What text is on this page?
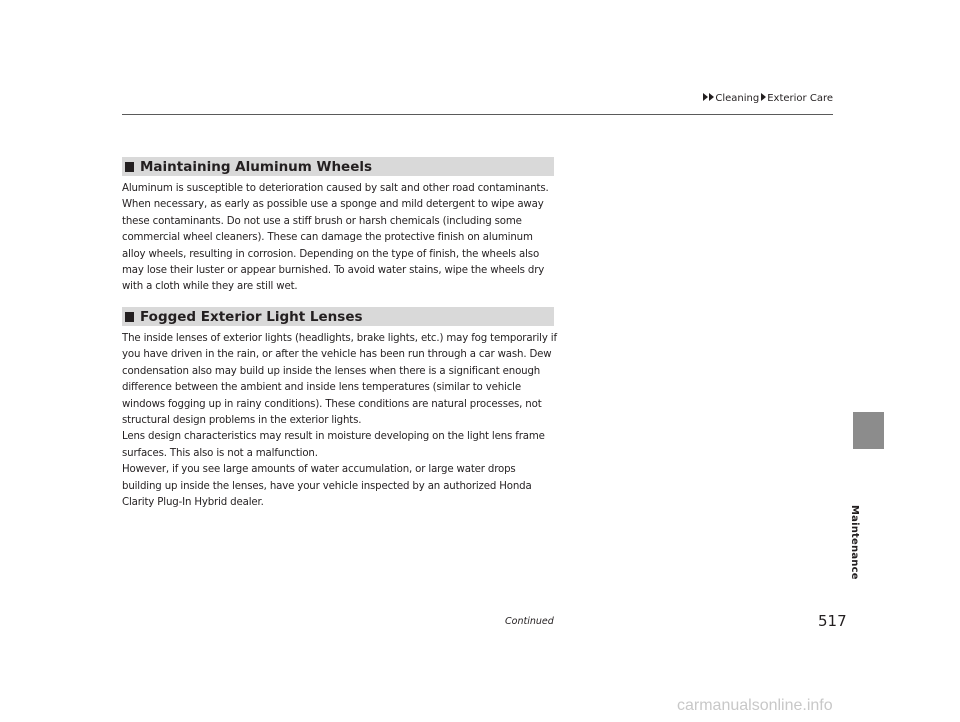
Cleaning Exterior Care
Maintaining Aluminum Wheels

Aluminum is susceptible to deterioration caused by salt and other road contaminants. When necessary, as early as possible use a sponge and mild detergent to wipe away these contaminants. Do not use a stiff brush or harsh chemicals (including some commercial wheel cleaners). These can damage the protective finish on aluminum alloy wheels, resulting in corrosion. Depending on the type of finish, the wheels also may lose their luster or appear burnished. To avoid water stains, wipe the wheels dry with a cloth while they are still wet.

Fogged Exterior Light Lenses

The inside lenses of exterior lights (headlights, brake lights, etc.) may fog temporarily if you have driven in the rain, or after the vehicle has been run through a car wash. Dew condensation also may build up inside the lenses when there is a significant enough difference between the ambient and inside lens temperatures (similar to vehicle windows fogging up in rainy conditions). These conditions are natural processes, not structural design problems in the exterior lights.

Lens design characteristics may result in moisture developing on the light lens frame surfaces. This also is not a malfunction.

However, if you see large amounts of water accumulation, or large water drops building up inside the lenses, have your vehicle inspected by an authorized Honda Clarity Plug-In Hybrid dealer.

Maintenance
Continued	517
carmanualsonline.info
